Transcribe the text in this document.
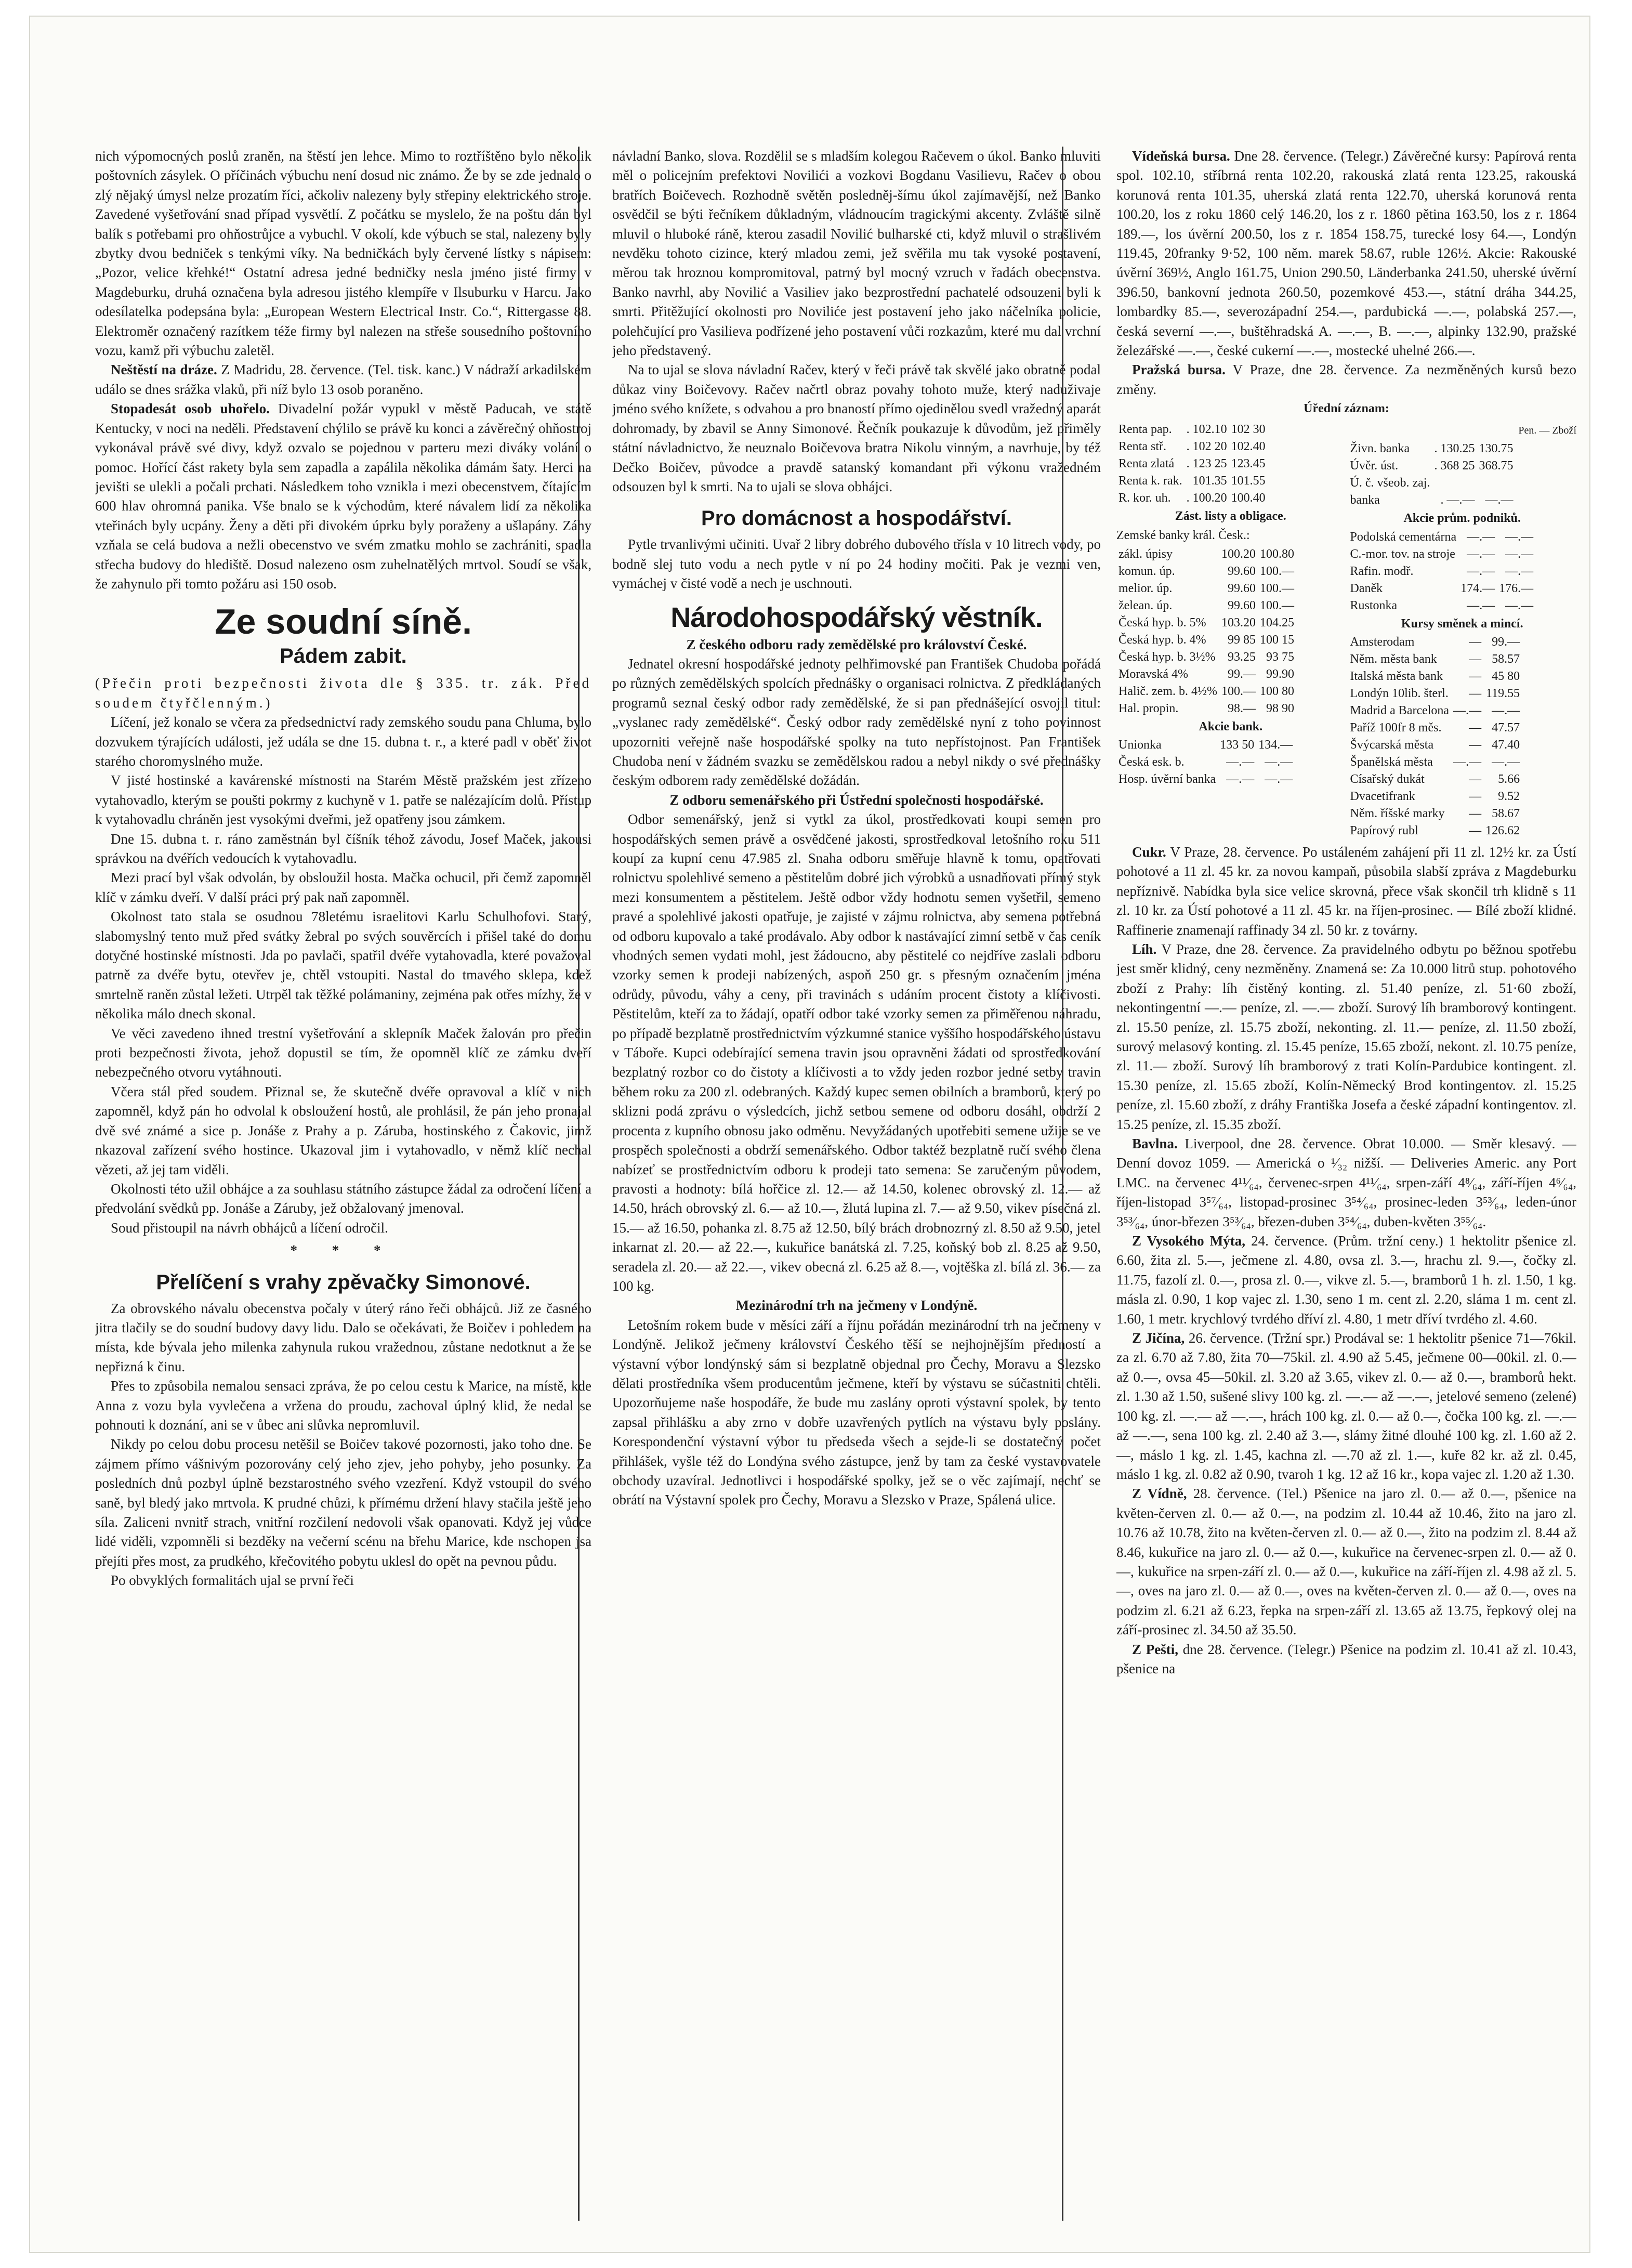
nich výpomocných poslů zraněn, na štěstí jen lehce. Mimo to roztříštěno bylo několik poštovních zásylek. O příčinách výbuchu není dosud nic známo. Že by se zde jednalo o zlý nějaký úmysl nelze prozatím říci, ačkoliv nalezeny byly střepiny elektrického stroje. Zavedené vyšetřování snad případ vysvětlí. Z počátku se myslelo, že na poštu dán byl balík s potřebami pro ohňostrůjce a vybuchl. V okolí, kde výbuch se stal, nalezeny byly zbytky dvou bedniček s tenkými víky. Na bedničkách byly červené lístky s nápisem: „Pozor, velice křehké!“ Ostatní adresa jedné bedničky nesla jméno jisté firmy v Magdeburku, druhá označena byla adresou jistého klempíře v Ilsuburku v Harcu. Jako odesílatelka podepsána byla: „European Western Electrical Instr. Co.“, Rittergasse 88. Elektroměr označený razítkem téže firmy byl nalezen na střeše sousedního poštovního vozu, kamž při výbuchu zaletěl.

Neštěstí na dráze. Z Madridu, 28. července. (Tel. tisk. kanc.) V nádraží arkadilském událo se dnes srážka vlaků, při níž bylo 13 osob poraněno.

Stopadesát osob uhořelo. Divadelní požár vypukl v městě Paducah, ve státě Kentucky, v noci na neděli. Představení chýlilo se právě ku konci a závěrečný ohňostroj vykonával právě své divy, když ozvalo se pojednou v parteru mezi diváky volání o pomoc. Hořící část rakety byla sem zapadla a zapálila několika dámám šaty. Herci na jevišti se ulekli a počali prchati. Následkem toho vznikla i mezi obecenstvem, čítajícím 600 hlav ohromná panika. Vše bnalo se k východům, které návalem lidí za několika vteřinách byly ucpány. Ženy a děti při divokém úprku byly poraženy a ušlapány. Záhy vzňala se celá budova a nežli obecenstvo ve svém zmatku mohlo se zachrániti, spadla střecha budovy do hlediště. Dosud nalezeno osm zuhelnatělých mrtvol. Soudí se však, že zahynulo při tomto požáru asi 150 osob.

Ze soudní síně.
Pádem zabit.

(Přečin proti bezpečnosti života dle § 335. tr. zák. Před soudem čtyřčlenným.)

Líčení, jež konalo se včera za předsednictví rady zemského soudu pana Chluma, bylo dozvukem týrajících události, jež udála se dne 15. dubna t. r., a které padl v oběť život starého choromyslného muže.

V jisté hostinské a kavárenské místnosti na Starém Městě pražském jest zřízeno vytahovadlo, kterým se poušti pokrmy z kuchyně v 1. patře se nalézajícím dolů. Přístup k vytahovadlu chráněn jest vysokými dveřmi, jež opatřeny jsou zámkem.

Dne 15. dubna t. r. ráno zaměstnán byl číšník téhož závodu, Josef Maček, jakousi správkou na dvéřích vedoucích k vytahovadlu.

Mezi prací byl však odvolán, by obsloužil hosta. Mačka ochucil, při čemž zapomněl klíč v zámku dveří. V další práci prý pak naň zapomněl.

Okolnost tato stala se osudnou 78letému israelitovi Karlu Schulhofovi. Starý, slabomyslný tento muž před svátky žebral po svých souvěrcích i přišel také do domu dotyčné hostinské místnosti. Jda po pavlači, spatřil dvéře vytahovadla, které považoval patrně za dvéře bytu, otevřev je, chtěl vstoupiti. Nastal do tmavého sklepa, kdež smrtelně raněn zůstal ležeti. Utrpěl tak těžké polámaniny, zejména pak otřes mízhy, že v několika málo dnech skonal.

Ve věci zavedeno ihned trestní vyšetřování a sklepník Maček žalován pro přečin proti bezpečnosti života, jehož dopustil se tím, že opomněl klíč ze zámku dveří nebezpečného otvoru vytáhnouti.

Včera stál před soudem. Přiznal se, že skutečně dvéře opravoval a klíč v nich zapomněl, když pán ho odvolal k obsloužení hostů, ale prohlásil, že pán jeho pronajal dvě své známé a sice p. Jonáše z Prahy a p. Záruba, hostinského z Čakovic, jimž nkazoval zařízení svého hostince. Ukazoval jim i vytahovadlo, v němž klíč nechal vězeti, až jej tam viděli.

Okolnosti této užil obhájce a za souhlasu státního zástupce žádal za odročení líčení a předvolání svědků pp. Jonáše a Záruby, jež obžalovaný jmenoval.

Soud přistoupil na návrh obhájců a líčení odročil.

* * *
Přelíčení s vrahy zpěvačky Simonové.

Za obrovského návalu obecenstva počaly v úterý ráno řeči obhájců. Již ze časného jitra tlačily se do soudní budovy davy lidu. Dalo se očekávati, že Boičev i pohledem na místa, kde bývala jeho milenka zahynula rukou vražednou, zůstane nedotknut a že se nepřizná k činu.

Přes to způsobila nemalou sensaci zpráva, že po celou cestu k Marice, na místě, kde Anna z vozu byla vyvlečena a vržena do proudu, zachoval úplný klid, že nedal se pohnouti k doznání, ani se v ůbec ani slůvka nepromluvil.

Nikdy po celou dobu procesu netěšil se Boičev takové pozornosti, jako toho dne. Se zájmem přímo vášnivým pozorovány celý jeho zjev, jeho pohyby, jeho posunky. Za posledních dnů pozbyl úplně bezstarostného svého vzezření. Když vstoupil do svého saně, byl bledý jako mrtvola. K prudné chůzi, k přímému držení hlavy stačila ještě jeho síla. Zaliceni nvnitř strach, vnitřní rozčilení nedovoli však opanovati. Když jej vůdce lidé viděli, vzpomněli si bezděky na večerní scénu na břehu Marice, kde nschopen jsa přejíti přes most, za prudkého, křečovitého pobytu uklesl do opět na pevnou půdu.

Po obvyklých formalitách ujal se první řeči

návladní Banko, slova. Rozdělil se s mladším kolegou Račevem o úkol. Banko mluviti měl o policejním prefektovi Novilići a vozkovi Bogdanu Vasilievu, Račev o obou bratřích Boičevech. Rozhodně světěn posledněj-šímu úkol zajímavější, než Banko osvědčil se býti řečníkem důkladným, vládnoucím tragickými akcenty. Zvláště silně mluvil o hluboké ráně, kterou zasadil Novilić bulharské cti, když mluvil o strašlivém nevděku tohoto cizince, který mladou zemi, jež svěřila mu tak vysoké postavení, měrou tak hroznou kompromitoval, patrný byl mocný vzruch v řadách obecenstva. Banko navrhl, aby Novilić a Vasiliev jako bezprostřední pachatelé odsouzeni byli k smrti. Přitěžující okolnosti pro Noviliće jest postavení jeho jako náčelníka policie, polehčující pro Vasilieva podřízené jeho postavení vůči rozkazům, které mu dal vrchní jeho představený.

Na to ujal se slova návladní Račev, který v řeči právě tak skvělé jako obratně podal důkaz viny Boičevovy. Račev načrtl obraz povahy tohoto muže, který naduživaje jméno svého knížete, s odvahou a pro bnaností přímo ojedinělou svedl vražedný aparát dohromady, by zbavil se Anny Simonové. Řečník poukazuje k důvodům, jež přiměly státní návladnictvo, že neuznalo Boičevova bratra Nikolu vinným, a navrhuje, by též Dečko Boičev, původce a pravdě satanský komandant při výkonu vražedném odsouzen byl k smrti. Na to ujali se slova obhájci.

Pro domácnost a hospodářství.

Pytle trvanlivými učiniti. Uvař 2 libry dobrého dubového třísla v 10 litrech vody, po bodně slej tuto vodu a nech pytle v ní po 24 hodiny močiti. Pak je vezmi ven, vymáchej v čisté vodě a nech je uschnouti.

Národohospodářský věstník.

Z českého odboru rady zemědělské pro království České.

Jednatel okresní hospodářské jednoty pelhřimovské pan František Chudoba pořádá po různých zemědělských spolcích přednášky o organisaci rolnictva. Z předkládaných programů seznal český odbor rady zemědělské, že si pan přednášející osvojil titul: „vyslanec rady zemědělské“. Český odbor rady zemědělské nyní z toho povinnost upozorniti veřejně naše hospodářské spolky na tuto nepřístojnost. Pan František Chudoba není v žádném svazku se zemědělskou radou a nebyl nikdy o své přednášky českým odborem rady zemědělské dožádán.

Z odboru semenářského při Ústřední společnosti hospodářské.

Odbor semenářský, jenž si vytkl za úkol, prostředkovati koupi semen pro hospodářských semen právě a osvědčené jakosti, sprostředkoval letošního roku 511 koupí za kupní cenu 47.985 zl. Snaha odboru směřuje hlavně k tomu, opatřovati rolnictvu spolehlivé semeno a pěstitelům dobré jich výrobků a usnadňovati přímý styk mezi konsumentem a pěstitelem. Ještě odbor vždy hodnotu semen vyšetřil, semeno pravé a spolehlivé jakosti opatřuje, je zajisté v zájmu rolnictva, aby semena potřebná od odboru kupovalo a také prodávalo. Aby odbor k nastávající zimní setbě v čas ceník vhodných semen vydati mohl, jest žádoucno, aby pěstitelé co nejdříve zaslali odboru vzorky semen k prodeji nabízených, aspoň 250 gr. s přesným označením jména odrůdy, původu, váhy a ceny, při travinách s udáním procent čistoty a klíčivosti. Pěstitelům, kteří za to žádají, opatří odbor také vzorky semen za přiměřenou náhradu, po případě bezplatně prostřednictvím výzkumné stanice vyššího hospodářského ústavu v Táboře. Kupci odebírající semena travin jsou opravněni žádati od sprostředkování bezplatný rozbor co do čistoty a klíčivosti a to vždy jeden rozbor jedné setby travin během roku za 200 zl. odebraných. Každý kupec semen obilních a bramborů, který po sklizni podá zprávu o výsledcích, jichž setbou semene od odboru dosáhl, obdrží 2 procenta z kupního obnosu jako odměnu. Nevyžádaných upotřebiti semene užije se ve prospěch společnosti a obdrží semenářského. Odbor taktéž bezplatně ručí svého člena nabízeť se prostřednictvím odboru k prodeji tato semena: Se zaručeným původem, pravosti a hodnoty: bílá hořčice zl. 12.— až 14.50, kolenec obrovský zl. 12.— až 14.50, hrách obrovský zl. 6.— až 10.—, žlutá lupina zl. 7.— až 9.50, vikev písečná zl. 15.— až 16.50, pohanka zl. 8.75 až 12.50, bílý brách drobnozrný zl. 8.50 až 9.50, jetel inkarnat zl. 20.— až 22.—, kukuřice banátská zl. 7.25, koňský bob zl. 8.25 až 9.50, seradela zl. 20.— až 22.—, vikev obecná zl. 6.25 až 8.—, vojtěška zl. bílá zl. 36.— za 100 kg.

Mezinárodní trh na ječmeny v Londýně.

Letošním rokem bude v měsíci září a říjnu pořádán mezinárodní trh na ječmeny v Londýně. Jelikož ječmeny království Českého těší se nejhojnějším předností a výstavní výbor londýnský sám si bezplatně objednal pro Čechy, Moravu a Slezsko dělati prostředníka všem producentům ječmene, kteří by výstavu se súčastniti chtěli. Upozorňujeme naše hospodáře, že bude mu zaslány oproti výstavní spolek, by tento zapsal přihlášku a aby zrno v dobře uzavřených pytlích na výstavu byly poslány. Korespondenční výstavní výbor tu předseda všech a sejde-li se dostatečný počet přihlášek, vyšle též do Londýna svého zástupce, jenž by tam za české vystavovatele obchody uzavíral. Jednotlivci i hospodářské spolky, jež se o věc zajímají, nechť se obrátí na Výstavní spolek pro Čechy, Moravu a Slezsko v Praze, Spálená ulice.

Vídeňská bursa. Dne 28. července. (Telegr.) Závěrečné kursy: Papírová renta spol. 102.10, stříbrná renta 102.20, rakouská zlatá renta 123.25, rakouská korunová renta 101.35, uherská zlatá renta 122.70, uherská korunová renta 100.20, los z roku 1860 celý 146.20, los z r. 1860 pětina 163.50, los z r. 1864 189.—, los úvěrní 200.50, los z r. 1854 158.75, turecké losy 64.—, Londýn 119.45, 20franky 9·52, 100 něm. marek 58.67, ruble 126½. Akcie: Rakouské úvěrní 369½, Anglo 161.75, Union 290.50, Länderbanka 241.50, uherské úvěrní 396.50, bankovní jednota 260.50, pozemkové 453.—, státní dráha 344.25, lombardky 85.—, severozápadní 254.—, pardubická —.—, polabská 257.—, česká severní —.—, buštěhradská A. —.—, B. —.—, alpinky 132.90, pražské železářské —.—, české cukerní —.—, mostecké uhelné 266.—.

Pražská bursa. V Praze, dne 28. července. Za nezměněných kursů bezo změny.

Úřední záznam:
Renta pap.	. 102.10	102 30
Renta stř.	. 102 20	102.40
Renta zlatá	. 123 25	123.45
Renta k. rak.	101.35	101.55
R. kor. uh.	. 100.20	100.40
Zást. listy a obligace.
Zemské banky král. Česk.:
zákl. úpisy	100.20	100.80
komun. úp.	99.60	100.—
melior. úp.	99.60	100.—
želean. úp.	99.60	100.—
Česká hyp. b. 5%	103.20	104.25
Česká hyp. b. 4%	99 85	100 15
Česká hyp. b. 3½%	93.25	93 75
Moravská 4%	99.—	99.90
Halič. zem. b. 4½%	100.—	100 80
Hal. propin.	98.—	98 90
Akcie bank.
Unionka	133 50	134.—
Česká esk. b.	—.—	—.—
Hosp. úvěrní banka	—.—	—.—
Pen. — Zboží
Živn. banka	. 130.25	130.75
Úvěr. úst.	. 368 25	368.75
Ú. č. všeob. zaj.		
banka	. —.—	—.—
Akcie prům. podniků.
Podolská cementárna	—.—	—.—
C.-mor. tov. na stroje	—.—	—.—
Rafin. modř.	—.—	—.—
Daněk	174.—	176.—
Rustonka	—.—	—.—
Kursy směnek a mincí.
Amsterodam	—	99.—
Něm. města bank	—	58.57
Italská města bank	—	45 80
Londýn 10lib. šterl.	—	119.55
Madrid a Barcelona	—.—	—.—
Paříž 100fr 8 měs.	—	47.57
Švýcarská města	—	47.40
Španělská města	—.—	—.—
Císařský dukát	—	5.66
Dvacetifrank	—	9.52
Něm. říšské marky	—	58.67
Papírový rubl	—	126.62

Cukr. V Praze, 28. července. Po ustáleném zahájení při 11 zl. 12½ kr. za Ústí pohotové a 11 zl. 45 kr. za novou kampaň, působila slabší zpráva z Magdeburku nepříznivě. Nabídka byla sice velice skrovná, přece však skončil trh klidně s 11 zl. 10 kr. za Ústí pohotové a 11 zl. 45 kr. na říjen-prosinec. — Bílé zboží klidné. Raffinerie znamenají raffinady 34 zl. 50 kr. z továrny.

Líh. V Praze, dne 28. července. Za pravidelného odbytu po běžnou spotřebu jest směr klidný, ceny nezměněny. Znamená se: Za 10.000 litrů stup. pohotového zboží z Prahy: líh čistěný konting. zl. 51.40 peníze, zl. 51·60 zboží, nekontingentní —.— peníze, zl. —.— zboží. Surový líh bramborový kontingent. zl. 15.50 peníze, zl. 15.75 zboží, nekonting. zl. 11.— peníze, zl. 11.50 zboží, surový melasový konting. zl. 15.45 peníze, 15.65 zboží, nekont. zl. 10.75 peníze, zl. 11.— zboží. Surový líh bramborový z trati Kolín-Pardubice kontingent. zl. 15.30 peníze, zl. 15.65 zboží, Kolín-Německý Brod kontingentov. zl. 15.25 peníze, zl. 15.60 zboží, z dráhy Františka Josefa a české západní kontingentov. zl. 15.25 peníze, zl. 15.35 zboží.

Bavlna. Liverpool, dne 28. července. Obrat 10.000. — Směr klesavý. — Denní dovoz 1059. — Americká o ¹⁄₃₂ nižší. — Deliveries Americ. any Port LMC. na červenec 4¹¹⁄₆₄, červenec-srpen 4¹¹⁄₆₄, srpen-září 4⁸⁄₆₄, září-říjen 4⁶⁄₆₄, říjen-listopad 3⁵⁷⁄₆₄, listopad-prosinec 3⁵⁴⁄₆₄, prosinec-leden 3⁵³⁄₆₄, leden-únor 3⁵³⁄₆₄, únor-březen 3⁵³⁄₆₄, březen-duben 3⁵⁴⁄₆₄, duben-květen 3⁵⁵⁄₆₄.

Z Vysokého Mýta, 24. července. (Prům. tržní ceny.) 1 hektolitr pšenice zl. 6.60, žita zl. 5.—, ječmene zl. 4.80, ovsa zl. 3.—, hrachu zl. 9.—, čočky zl. 11.75, fazolí zl. 0.—, prosa zl. 0.—, vikve zl. 5.—, bramborů 1 h. zl. 1.50, 1 kg. másla zl. 0.90, 1 kop vajec zl. 1.30, seno 1 m. cent zl. 2.20, sláma 1 m. cent zl. 1.60, 1 metr. krychlový tvrdého dříví zl. 4.80, 1 metr dříví tvrdého zl. 4.60.

Z Jičína, 26. července. (Tržní spr.) Prodával se: 1 hektolitr pšenice 71—76kil. za zl. 6.70 až 7.80, žita 70—75kil. zl. 4.90 až 5.45, ječmene 00—00kil. zl. 0.— až 0.—, ovsa 45—50kil. zl. 3.20 až 3.65, vikev zl. 0.— až 0.—, bramborů hekt. zl. 1.30 až 1.50, sušené slivy 100 kg. zl. —.— až —.—, jetelové semeno (zelené) 100 kg. zl. —.— až —.—, hrách 100 kg. zl. 0.— až 0.—, čočka 100 kg. zl. —.— až —.—, sena 100 kg. zl. 2.40 až 3.—, slámy žitné dlouhé 100 kg. zl. 1.60 až 2.—, máslo 1 kg. zl. 1.45, kachna zl. —.70 až zl. 1.—, kuře 82 kr. až zl. 0.45, máslo 1 kg. zl. 0.82 až 0.90, tvaroh 1 kg. 12 až 16 kr., kopa vajec zl. 1.20 až 1.30.

Z Vídně, 28. července. (Tel.) Pšenice na jaro zl. 0.— až 0.—, pšenice na květen-červen zl. 0.— až 0.—, na podzim zl. 10.44 až 10.46, žito na jaro zl. 10.76 až 10.78, žito na květen-červen zl. 0.— až 0.—, žito na podzim zl. 8.44 až 8.46, kukuřice na jaro zl. 0.— až 0.—, kukuřice na červenec-srpen zl. 0.— až 0.—, kukuřice na srpen-září zl. 0.— až 0.—, kukuřice na září-říjen zl. 4.98 až zl. 5.—, oves na jaro zl. 0.— až 0.—, oves na květen-červen zl. 0.— až 0.—, oves na podzim zl. 6.21 až 6.23, řepka na srpen-září zl. 13.65 až 13.75, řepkový olej na září-prosinec zl. 34.50 až 35.50.

Z Pešti, dne 28. července. (Telegr.) Pšenice na podzim zl. 10.41 až zl. 10.43, pšenice na
